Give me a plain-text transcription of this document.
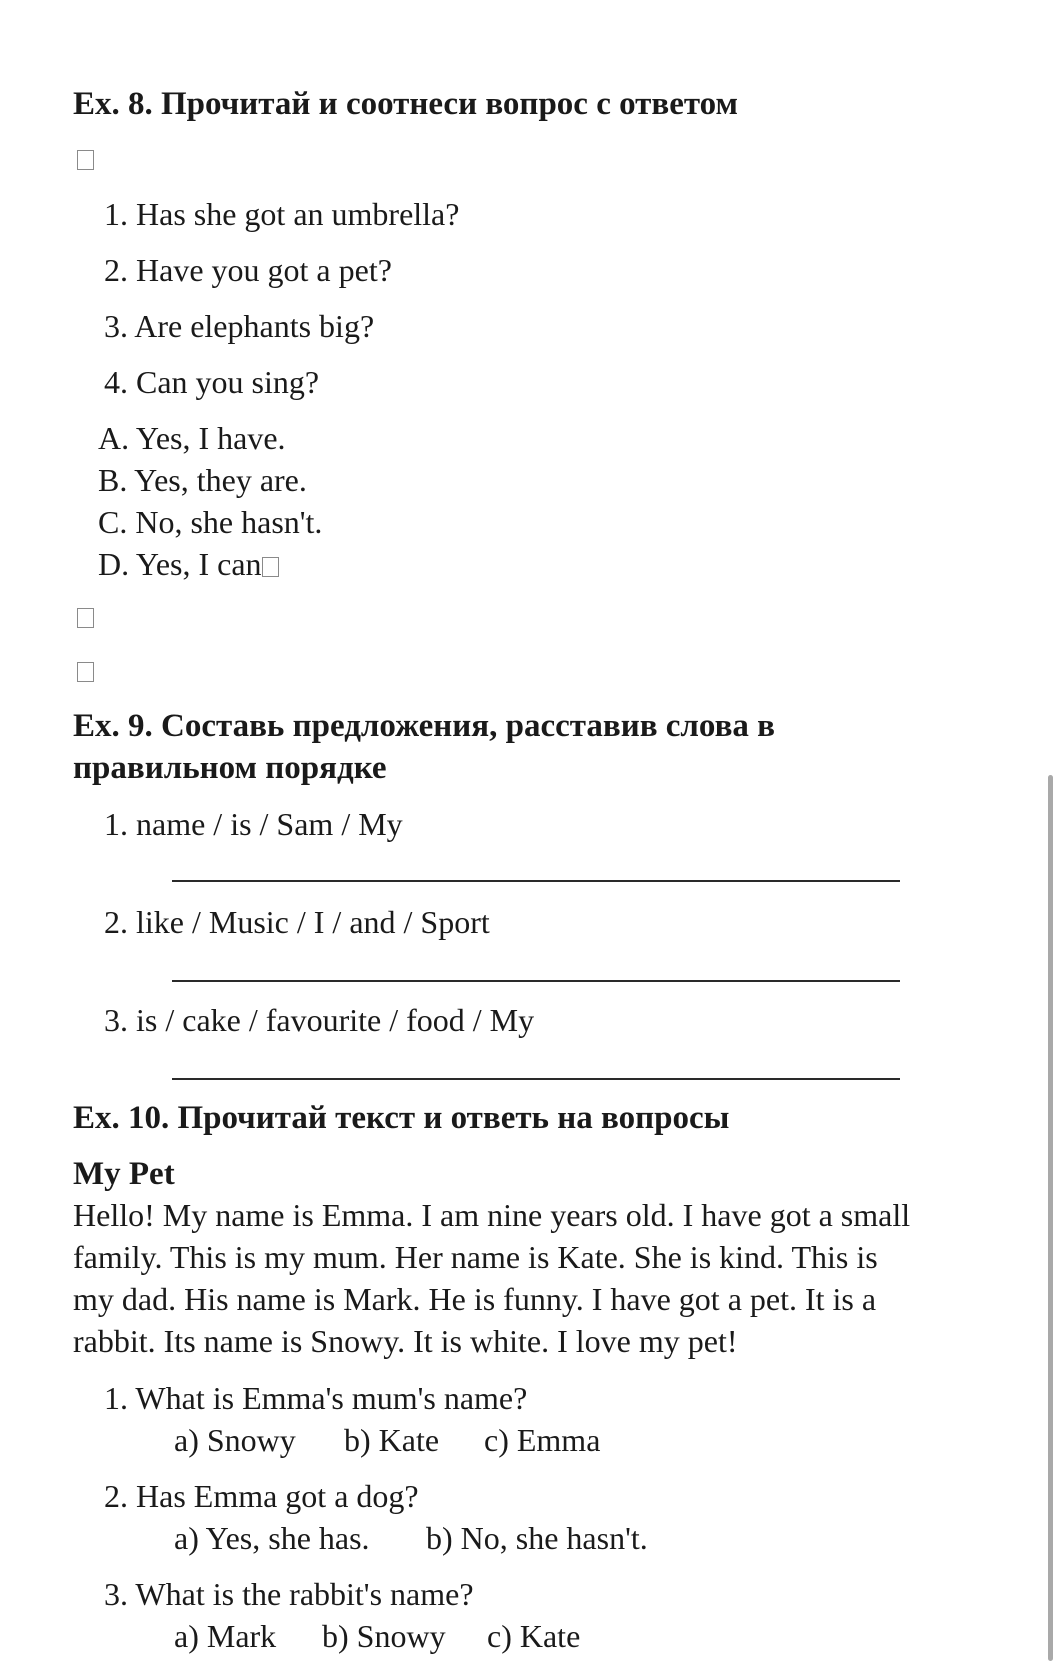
Ex. 8. Прочитай и соотнеси вопрос с ответом
1. Has she got an umbrella?
2. Have you got a pet?
3. Are elephants big?
4. Can you sing?
A. Yes, I have.
B. Yes, they are.
C. No, she hasn't.
D. Yes, I can
Ex. 9. Составь предложения, расставив слова в
правильном порядке
1. name / is / Sam / My
2. like / Music / I / and / Sport
3. is / cake / favourite / food / My
Ex. 10. Прочитай текст и ответь на вопросы
My Pet
Hello! My name is Emma. I am nine years old. I have got a small
family. This is my mum. Her name is Kate. She is kind. This is
my dad. His name is Mark. He is funny. I have got a pet. It is a
rabbit. Its name is Snowy. It is white. I love my pet!
1. What is Emma's mum's name?
a) Snowy b) Kate c) Emma
2. Has Emma got a dog?
a) Yes, she has. b) No, she hasn't.
3. What is the rabbit's name?
a) Mark b) Snowy c) Kate
